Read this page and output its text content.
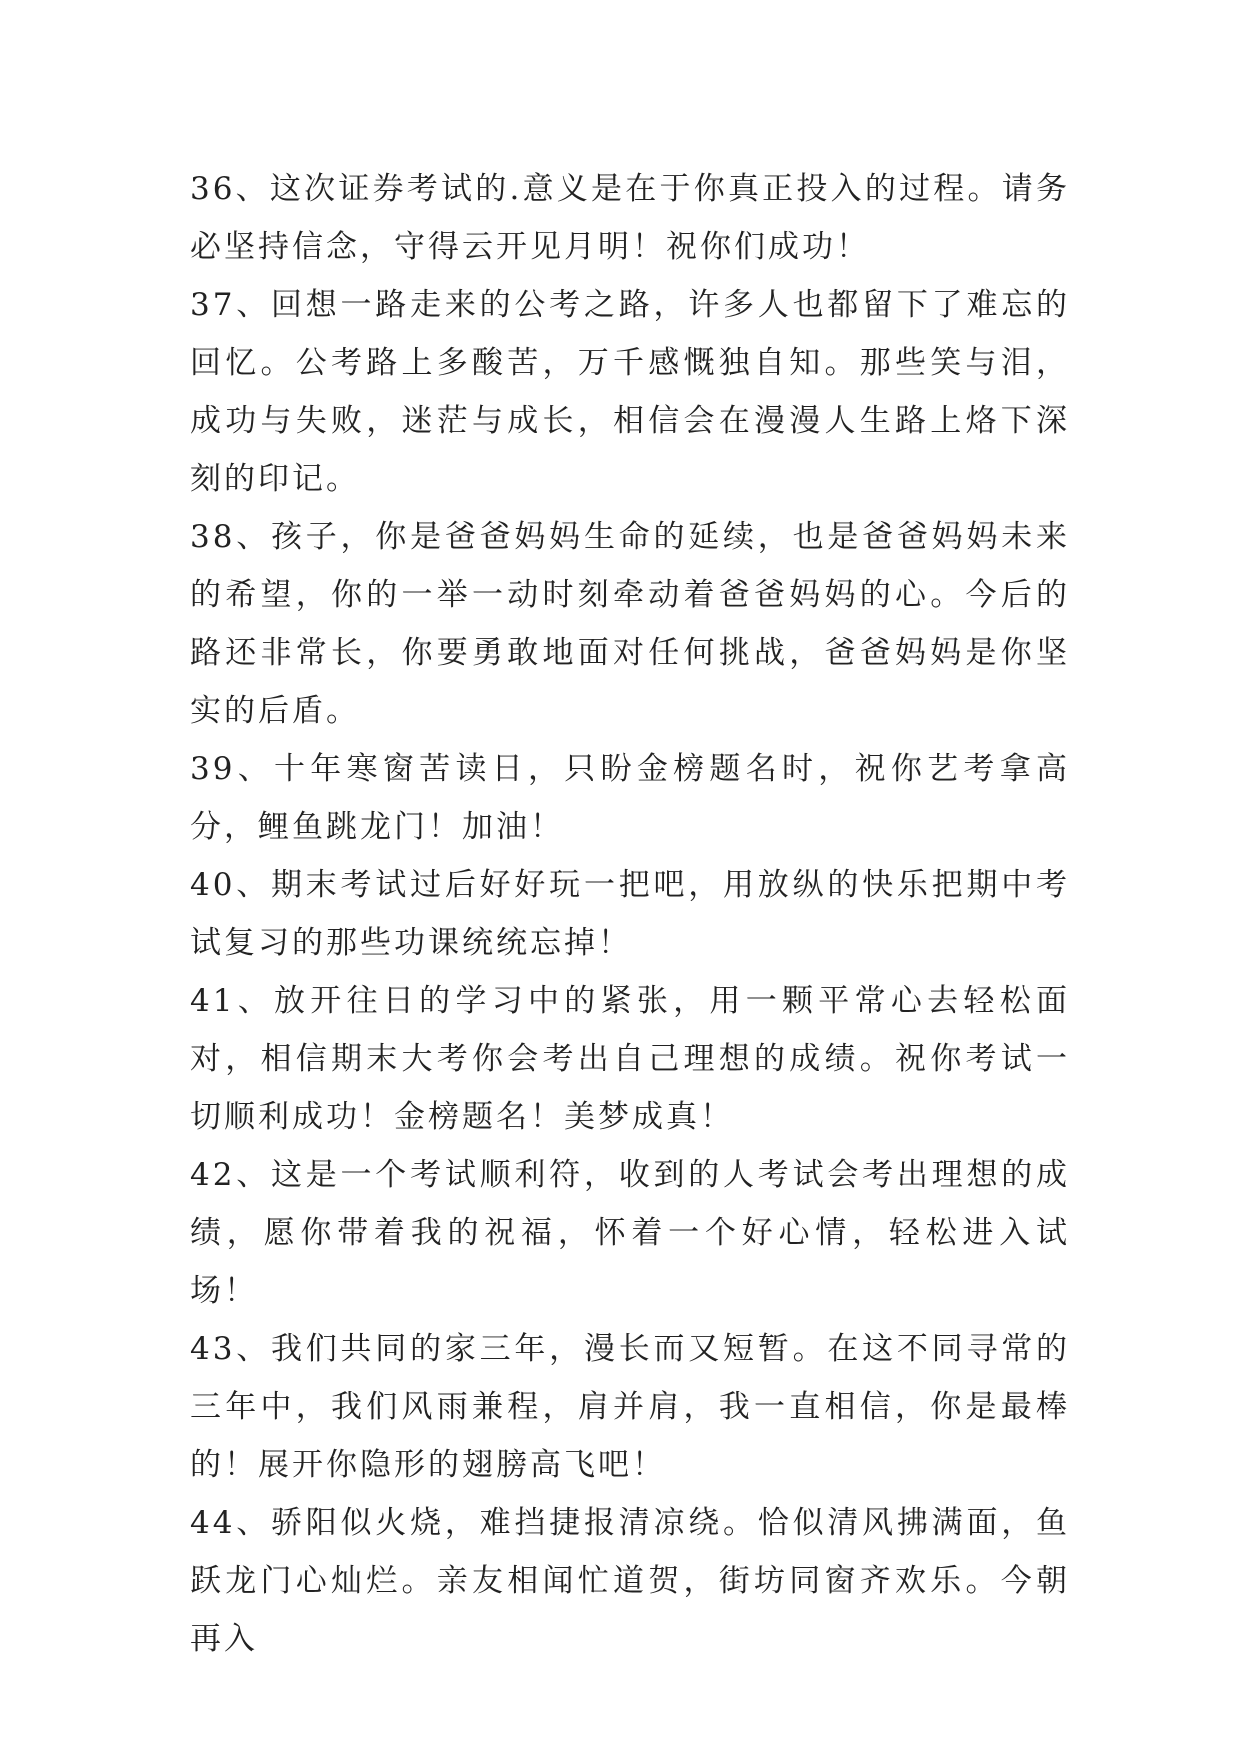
36、这次证券考试的.意义是在于你真正投入的过程。请务必坚持信念，守得云开见月明！祝你们成功！

37、回想一路走来的公考之路，许多人也都留下了难忘的回忆。公考路上多酸苦，万千感慨独自知。那些笑与泪，成功与失败，迷茫与成长，相信会在漫漫人生路上烙下深刻的印记。

38、孩子，你是爸爸妈妈生命的延续，也是爸爸妈妈未来的希望，你的一举一动时刻牵动着爸爸妈妈的心。今后的路还非常长，你要勇敢地面对任何挑战，爸爸妈妈是你坚实的后盾。

39、十年寒窗苦读日，只盼金榜题名时，祝你艺考拿高分，鲤鱼跳龙门！加油！

40、期末考试过后好好玩一把吧，用放纵的快乐把期中考试复习的那些功课统统忘掉！

41、放开往日的学习中的紧张，用一颗平常心去轻松面对，相信期末大考你会考出自己理想的成绩。祝你考试一切顺利成功！金榜题名！美梦成真！

42、这是一个考试顺利符，收到的人考试会考出理想的成绩，愿你带着我的祝福，怀着一个好心情，轻松进入试场！

43、我们共同的家三年，漫长而又短暂。在这不同寻常的三年中，我们风雨兼程，肩并肩，我一直相信，你是最棒的！展开你隐形的翅膀高飞吧！

44、骄阳似火烧，难挡捷报清凉绕。恰似清风拂满面，鱼跃龙门心灿烂。亲友相闻忙道贺，街坊同窗齐欢乐。今朝再入
